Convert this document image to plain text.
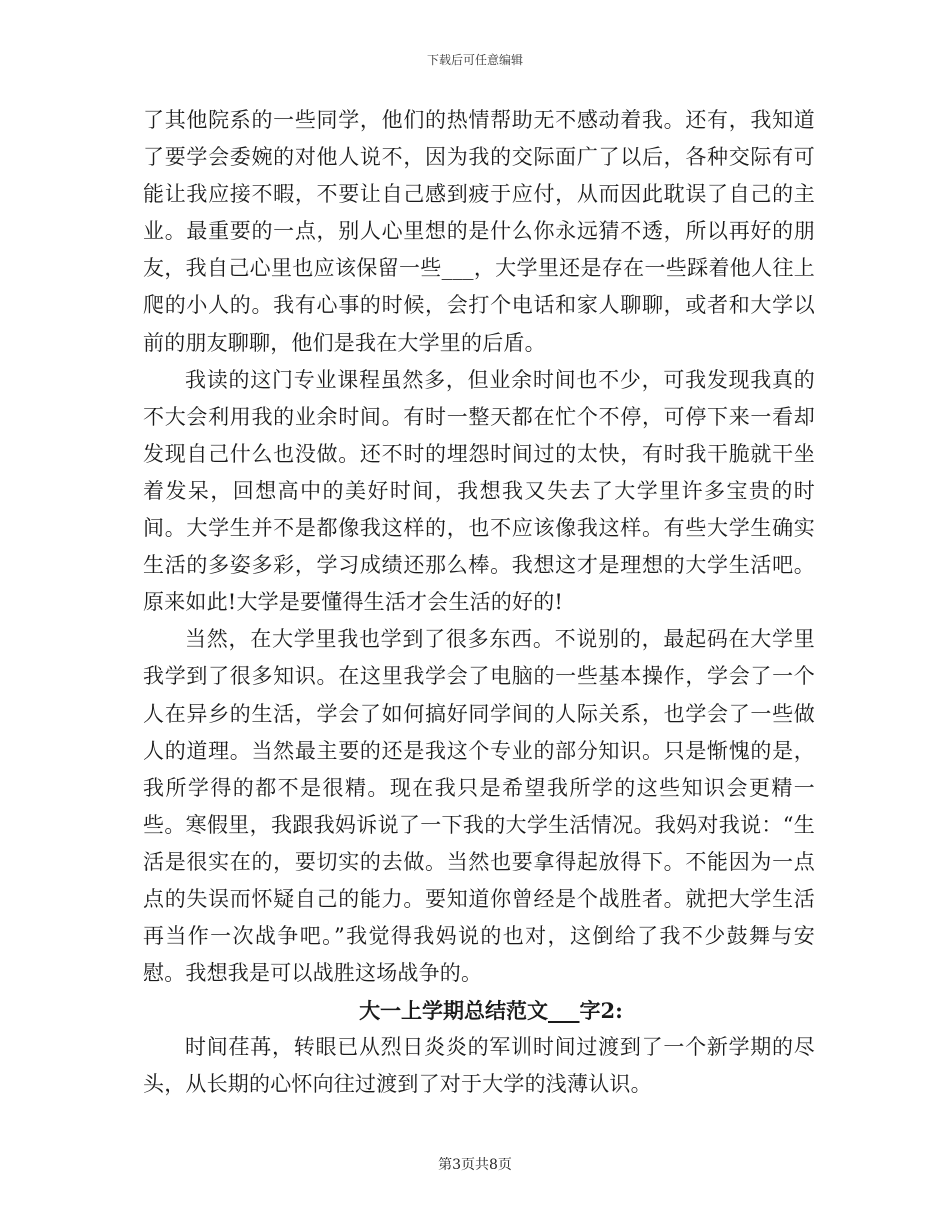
下载后可任意编辑

了其他院系的一些同学，他们的热情帮助无不感动着我。还有，我知道了要学会委婉的对他人说不，因为我的交际面广了以后，各种交际有可能让我应接不暇，不要让自己感到疲于应付，从而因此耽误了自己的主业。最重要的一点，别人心里想的是什么你永远猜不透，所以再好的朋友，我自己心里也应该保留一些___，大学里还是存在一些踩着他人往上爬的小人的。我有心事的时候，会打个电话和家人聊聊，或者和大学以前的朋友聊聊，他们是我在大学里的后盾。

我读的这门专业课程虽然多，但业余时间也不少，可我发现我真的不大会利用我的业余时间。有时一整天都在忙个不停，可停下来一看却发现自己什么也没做。还不时的埋怨时间过的太快，有时我干脆就干坐着发呆，回想高中的美好时间，我想我又失去了大学里许多宝贵的时间。大学生并不是都像我这样的，也不应该像我这样。有些大学生确实生活的多姿多彩，学习成绩还那么棒。我想这才是理想的大学生活吧。原来如此!大学是要懂得生活才会生活的好的!

当然，在大学里我也学到了很多东西。不说别的，最起码在大学里我学到了很多知识。在这里我学会了电脑的一些基本操作，学会了一个人在异乡的生活，学会了如何搞好同学间的人际关系，也学会了一些做人的道理。当然最主要的还是我这个专业的部分知识。只是惭愧的是，我所学得的都不是很精。现在我只是希望我所学的这些知识会更精一些。寒假里，我跟我妈诉说了一下我的大学生活情况。我妈对我说：“生活是很实在的，要切实的去做。当然也要拿得起放得下。不能因为一点点的失误而怀疑自己的能力。要知道你曾经是个战胜者。就把大学生活再当作一次战争吧。”我觉得我妈说的也对，这倒给了我不少鼓舞与安慰。我想我是可以战胜这场战争的。

大一上学期总结范文___字2:

时间荏苒，转眼已从烈日炎炎的军训时间过渡到了一个新学期的尽头，从长期的心怀向往过渡到了对于大学的浅薄认识。

第3页共8页
